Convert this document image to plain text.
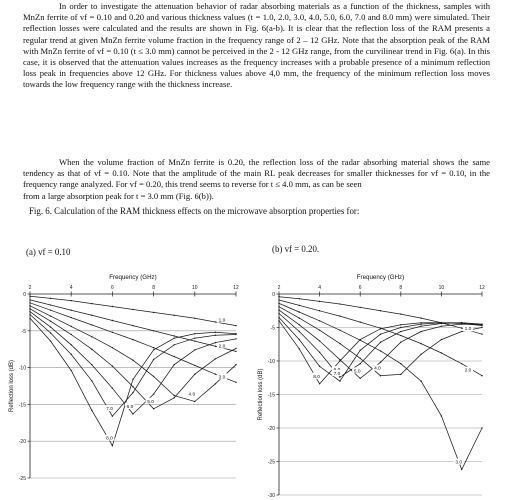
In order to investigate the attenuation behavior of radar absorbing materials as a function of the thickness, samples with MnZn ferrite of vf = 0.10 and 0.20 and various thickness values (t = 1.0, 2.0, 3.0, 4.0, 5.0, 6.0, 7.0 and 8.0 mm) were simulated. Their reflection losses were calculated and the results are shown in Fig. 6(a-b). It is clear that the reflection loss of the RAM presents a regular trend at given MnZn ferrite volume fraction in the frequency range of 2 – 12 GHz. Note that the absorption peak of the RAM with MnZn ferrite of vf = 0.10 (t ≤ 3.0 mm) cannot be perceived in the 2 - 12 GHz range, from the curvilinear trend in Fig. 6(a). In this case, it is observed that the attenuation values increases as the frequency increases with a probable presence of a minimum reflection loss peak in frequencies above 12 GHz. For thickness values above 4,0 mm, the frequency of the minimum reflection loss moves towards the low frequency range with the thickness increase.

When the volume fraction of MnZn ferrite is 0.20, the reflection loss of the radar absorbing material shows the same tendency as that of vf = 0.10. Note that the amplitude of the main RL peak decreases for smaller thicknesses for vf = 0.10, in the frequency range analyzed. For vf = 0.20, this trend seems to reverse for t ≤ 4.0 mm, as can be seen

from a large absorption peak for t = 3.0 mm (Fig. 6(b)).
Fig. 6. Calculation of the RAM thickness effects on the microwave absorption properties for:
(a) vf = 0.10	(b) vf = 0.20.
2	4	6	8	10	12
0
-5
-10
-15
-20
-25
Frequency (GHz)
Reflection loss (dB)
1.0
2.0
3.0
4.0
5.0
6.0
7.0
8.0
2	4	6	8	10	12
0
-5
-10
-15
-20
-25
-30
Frequency (GHz)
Reflection loss (dB)
1.0
2.0
3.0
4.0
5.0
7.0
8.0
